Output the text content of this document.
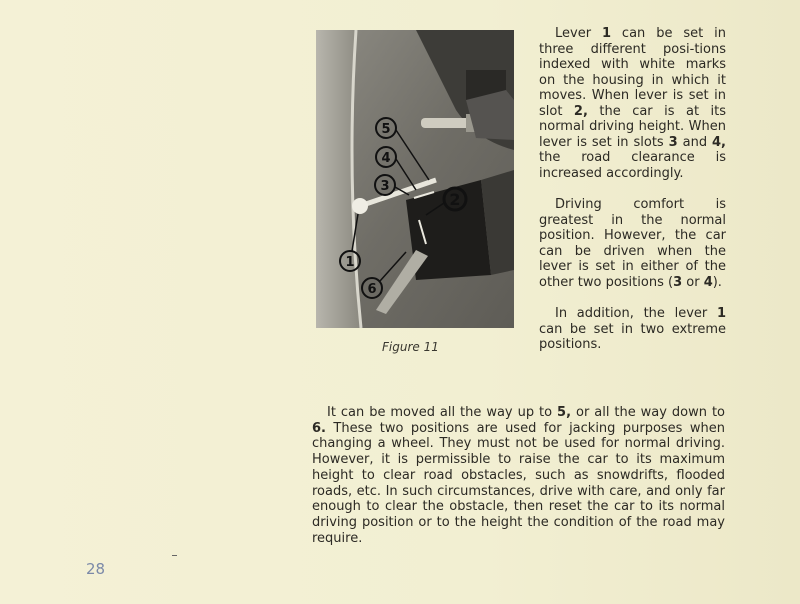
5
4
3
2
1
6
Figure 11

Lever 1 can be set in three different posi-tions indexed with white marks on the housing in which it moves. When lever is set in slot 2, the car is at its normal driving height. When lever is set in slots 3 and 4, the road clearance is increased accordingly.

Driving comfort is greatest in the normal position. However, the car can be driven when the lever is set in either of the other two positions (3 or 4).

In addition, the lever 1 can be set in two extreme positions.

It can be moved all the way up to 5, or all the way down to 6. These two positions are used for jacking purposes when changing a wheel. They must not be used for normal driving. However, it is permissible to raise the car to its maximum height to clear road obstacles, such as snowdrifts, flooded roads, etc. In such circumstances, drive with care, and only far enough to clear the obstacle, then reset the car to its normal driving position or to the height the condition of the road may require.

28
